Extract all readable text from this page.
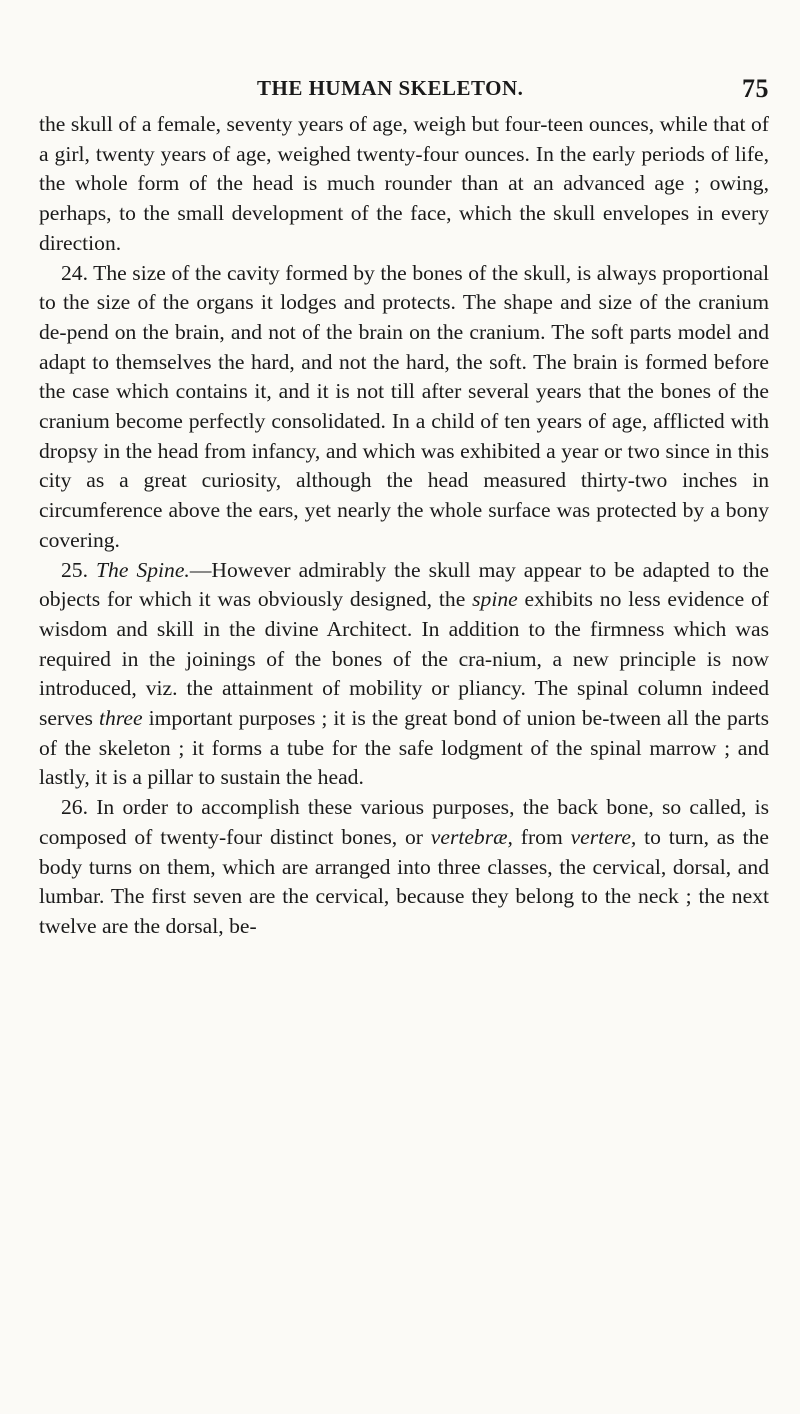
THE HUMAN SKELETON.	75

the skull of a female, seventy years of age, weigh but four-teen ounces, while that of a girl, twenty years of age, weighed twenty-four ounces. In the early periods of life, the whole form of the head is much rounder than at an advanced age ; owing, perhaps, to the small development of the face, which the skull envelopes in every direction.

24. The size of the cavity formed by the bones of the skull, is always proportional to the size of the organs it lodges and protects. The shape and size of the cranium de-pend on the brain, and not of the brain on the cranium. The soft parts model and adapt to themselves the hard, and not the hard, the soft. The brain is formed before the case which contains it, and it is not till after several years that the bones of the cranium become perfectly consolidated. In a child of ten years of age, afflicted with dropsy in the head from infancy, and which was exhibited a year or two since in this city as a great curiosity, although the head measured thirty-two inches in circumference above the ears, yet nearly the whole surface was protected by a bony covering.

25. The Spine.—However admirably the skull may appear to be adapted to the objects for which it was obviously designed, the spine exhibits no less evidence of wisdom and skill in the divine Architect. In addition to the firmness which was required in the joinings of the bones of the cra-nium, a new principle is now introduced, viz. the attainment of mobility or pliancy. The spinal column indeed serves three important purposes ; it is the great bond of union be-tween all the parts of the skeleton ; it forms a tube for the safe lodgment of the spinal marrow ; and lastly, it is a pillar to sustain the head.

26. In order to accomplish these various purposes, the back bone, so called, is composed of twenty-four distinct bones, or vertebræ, from vertere, to turn, as the body turns on them, which are arranged into three classes, the cervical, dorsal, and lumbar. The first seven are the cervical, because they belong to the neck ; the next twelve are the dorsal, be-
